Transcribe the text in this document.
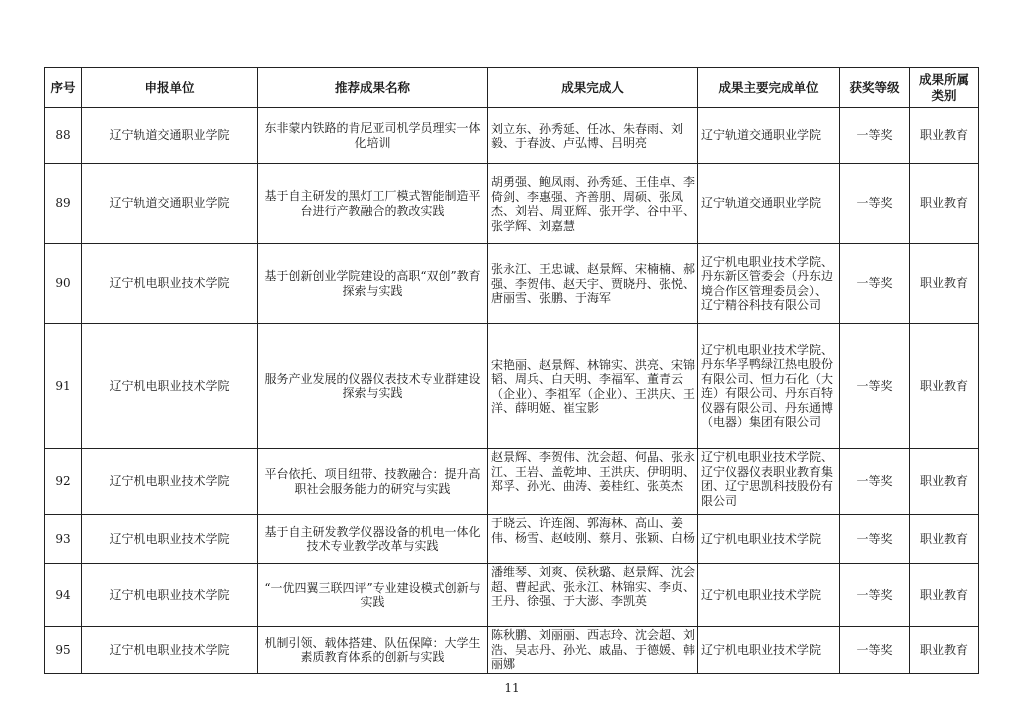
序号	申报单位	推荐成果名称	成果完成人	成果主要完成单位	获奖等级	成果所属类别
88	辽宁轨道交通职业学院	东非蒙内铁路的肯尼亚司机学员理实一体化培训	刘立东、孙秀延、任冰、朱春雨、刘毅、于春波、卢弘博、吕明亮	辽宁轨道交通职业学院	一等奖	职业教育
89	辽宁轨道交通职业学院	基于自主研发的黑灯工厂模式智能制造平台进行产教融合的教改实践	胡勇强、鲍凤雨、孙秀延、王佳卓、李倚剑、李惠强、齐善朋、周硕、张凤杰、刘岩、周亚辉、张开学、谷中平、张学辉、刘嘉慧	辽宁轨道交通职业学院	一等奖	职业教育
90	辽宁机电职业技术学院	基于创新创业学院建设的高职“双创”教育探索与实践	张永江、王忠诚、赵景辉、宋楠楠、郝强、李贺伟、赵天宇、贾晓丹、张悦、唐丽雪、张鹏、于海军	辽宁机电职业技术学院、丹东新区管委会（丹东边境合作区管理委员会）、辽宁精谷科技有限公司	一等奖	职业教育
91	辽宁机电职业技术学院	服务产业发展的仪器仪表技术专业群建设探索与实践	宋艳丽、赵景辉、林锦实、洪亮、宋锦韬、周兵、白天明、李福军、董青云（企业）、李祖军（企业）、王洪庆、王洋、薛明姬、崔宝影	辽宁机电职业技术学院、丹东华孚鸭绿江热电股份有限公司、恒力石化（大连）有限公司、丹东百特仪器有限公司、丹东通博（电器）集团有限公司	一等奖	职业教育
92	辽宁机电职业技术学院	平台依托、项目纽带、技教融合：提升高职社会服务能力的研究与实践	赵景辉、李贺伟、沈会超、何晶、张永江、王岩、盖乾坤、王洪庆、伊明明、郑孚、孙光、曲涛、姜桂红、张英杰	辽宁机电职业技术学院、辽宁仪器仪表职业教育集团、辽宁思凯科技股份有限公司	一等奖	职业教育
93	辽宁机电职业技术学院	基于自主研发教学仪器设备的机电一体化技术专业教学改革与实践	于晓云、许连阁、郭海林、高山、姜伟、杨雪、赵岐刚、蔡月、张颖、白杨	辽宁机电职业技术学院	一等奖	职业教育
94	辽宁机电职业技术学院	“一优四翼三联四评”专业建设模式创新与实践	潘维琴、刘爽、侯秋璐、赵景辉、沈会超、曹起武、张永江、林锦实、李贞、王丹、徐强、于大澎、李凯英	辽宁机电职业技术学院	一等奖	职业教育
95	辽宁机电职业技术学院	机制引领、载体搭建、队伍保障：大学生素质教育体系的创新与实践	陈秋鹏、刘丽丽、西志玲、沈会超、刘浩、吴志丹、孙光、戚晶、于德媛、韩丽娜	辽宁机电职业技术学院	一等奖	职业教育
11
